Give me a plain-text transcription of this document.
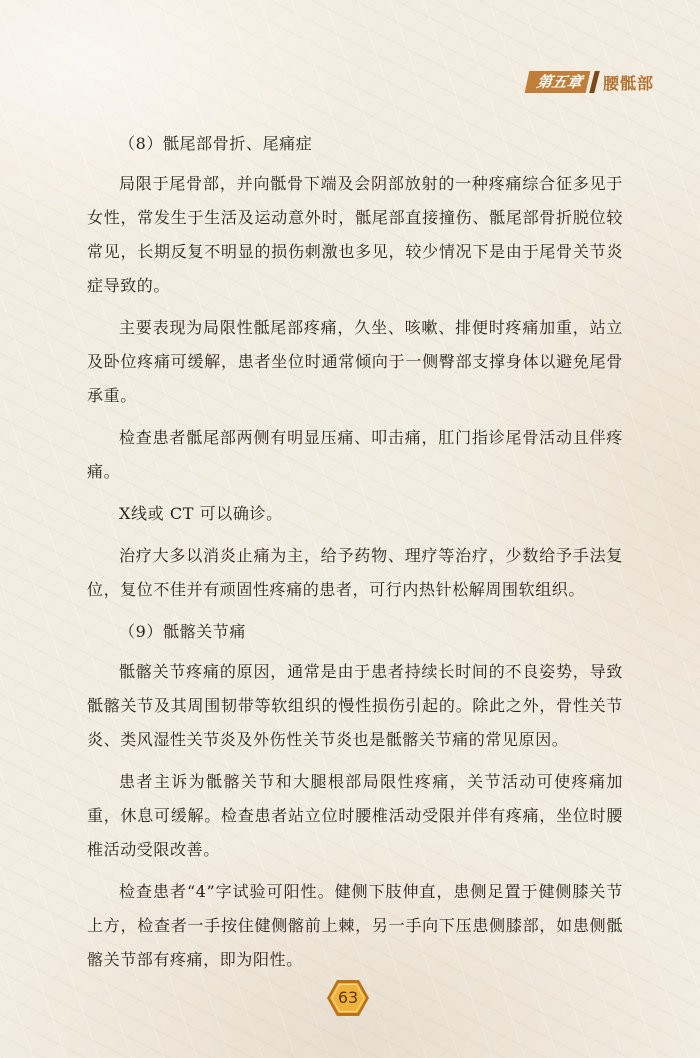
第五章	腰骶部

（8）骶尾部骨折、尾痛症

局限于尾骨部，并向骶骨下端及会阴部放射的一种疼痛综合征多见于女性，常发生于生活及运动意外时，骶尾部直接撞伤、骶尾部骨折脱位较常见，长期反复不明显的损伤刺激也多见，较少情况下是由于尾骨关节炎症导致的。

主要表现为局限性骶尾部疼痛，久坐、咳嗽、排便时疼痛加重，站立及卧位疼痛可缓解，患者坐位时通常倾向于一侧臀部支撑身体以避免尾骨承重。

检查患者骶尾部两侧有明显压痛、叩击痛，肛门指诊尾骨活动且伴疼痛。

X线或 CT 可以确诊。

治疗大多以消炎止痛为主，给予药物、理疗等治疗，少数给予手法复位，复位不佳并有顽固性疼痛的患者，可行内热针松解周围软组织。

（9）骶髂关节痛

骶髂关节疼痛的原因，通常是由于患者持续长时间的不良姿势，导致骶髂关节及其周围韧带等软组织的慢性损伤引起的。除此之外，骨性关节炎、类风湿性关节炎及外伤性关节炎也是骶髂关节痛的常见原因。

患者主诉为骶髂关节和大腿根部局限性疼痛，关节活动可使疼痛加重，休息可缓解。检查患者站立位时腰椎活动受限并伴有疼痛，坐位时腰椎活动受限改善。

检查患者“4”字试验可阳性。健侧下肢伸直，患侧足置于健侧膝关节上方，检查者一手按住健侧髂前上棘，另一手向下压患侧膝部，如患侧骶髂关节部有疼痛，即为阳性。

63
